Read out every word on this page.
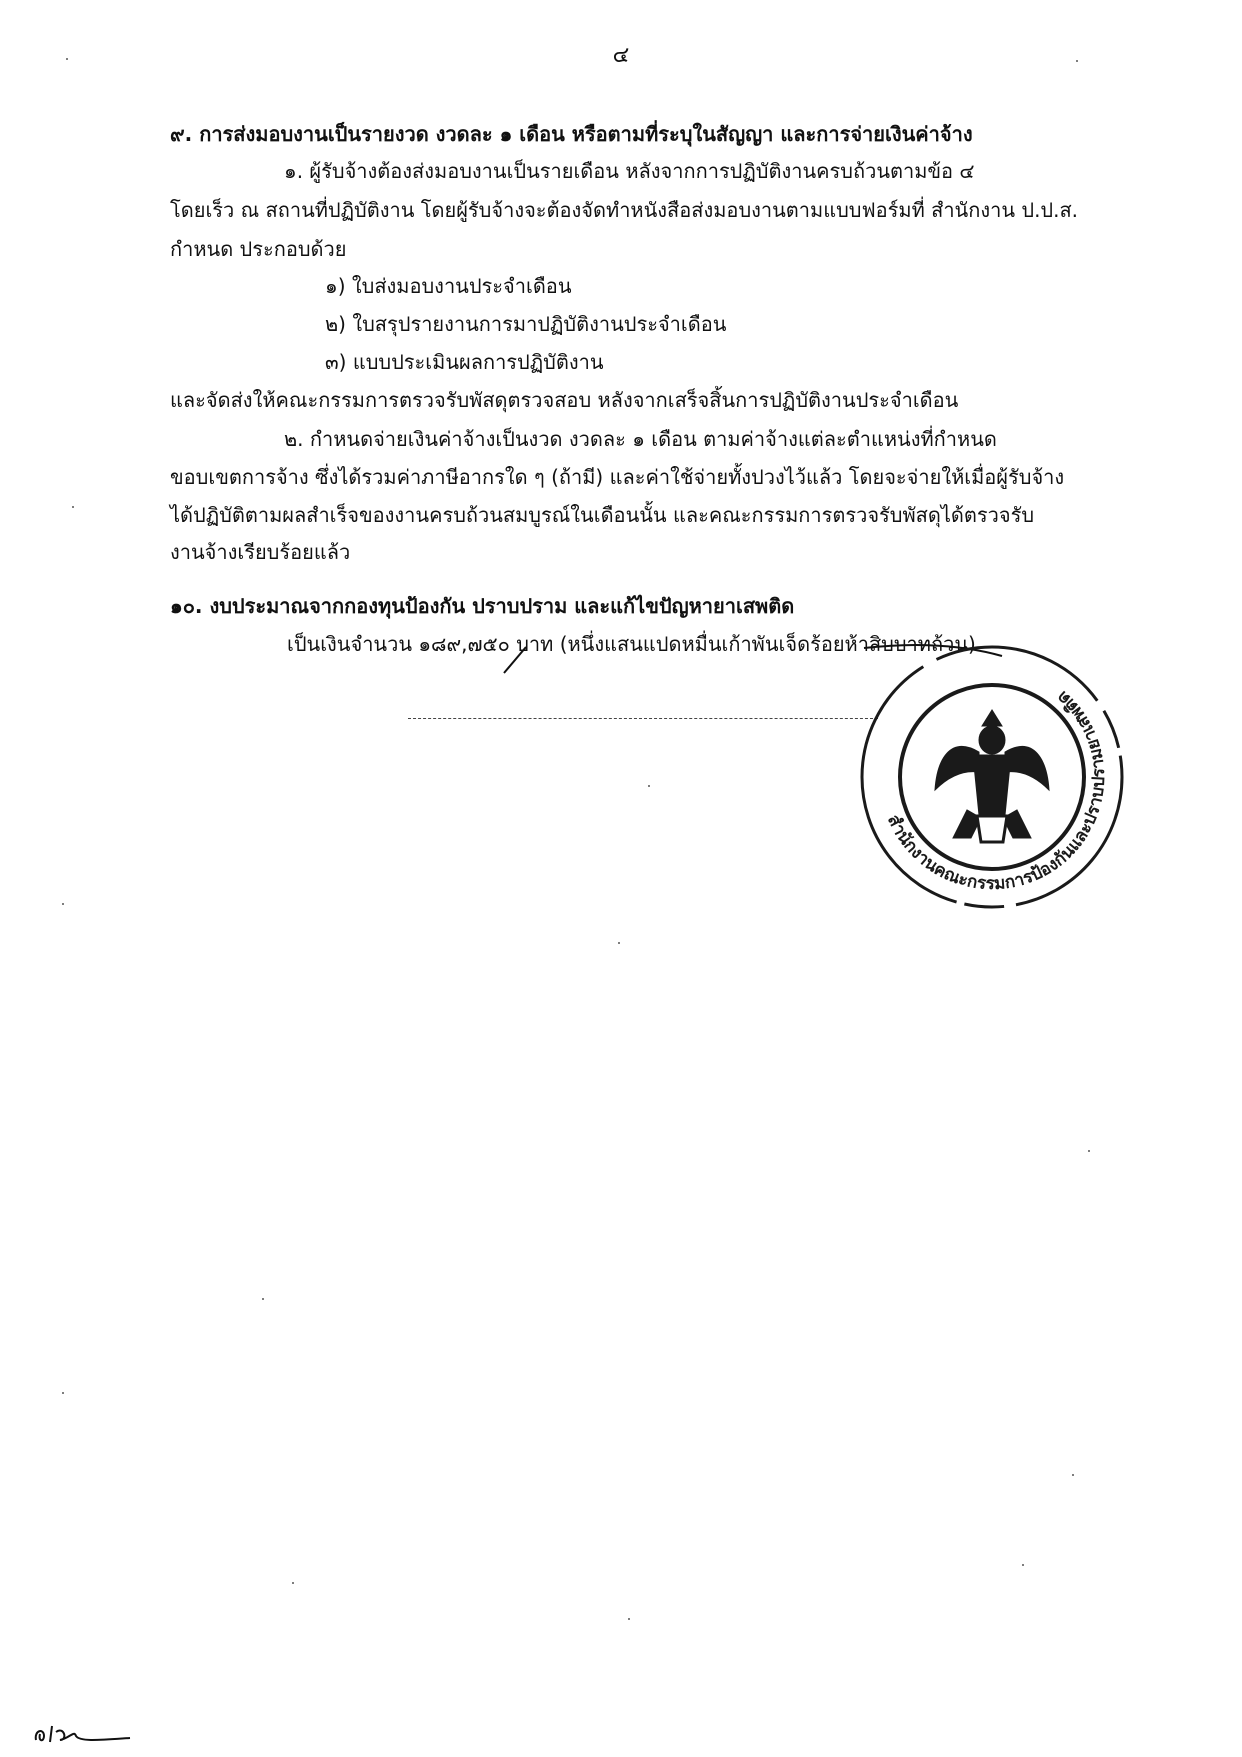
๔
๙. การส่งมอบงานเป็นรายงวด งวดละ ๑ เดือน หรือตามที่ระบุในสัญญา และการจ่ายเงินค่าจ้าง
๑. ผู้รับจ้างต้องส่งมอบงานเป็นรายเดือน หลังจากการปฏิบัติงานครบถ้วนตามข้อ ๔
โดยเร็ว ณ สถานที่ปฏิบัติงาน โดยผู้รับจ้างจะต้องจัดทำหนังสือส่งมอบงานตามแบบฟอร์มที่ สำนักงาน ป.ป.ส.
กำหนด ประกอบด้วย
๑) ใบส่งมอบงานประจำเดือน
๒) ใบสรุปรายงานการมาปฏิบัติงานประจำเดือน
๓) แบบประเมินผลการปฏิบัติงาน
และจัดส่งให้คณะกรรมการตรวจรับพัสดุตรวจสอบ หลังจากเสร็จสิ้นการปฏิบัติงานประจำเดือน
๒. กำหนดจ่ายเงินค่าจ้างเป็นงวด งวดละ ๑ เดือน ตามค่าจ้างแต่ละตำแหน่งที่กำหนด
ขอบเขตการจ้าง ซึ่งได้รวมค่าภาษีอากรใด ๆ (ถ้ามี) และค่าใช้จ่ายทั้งปวงไว้แล้ว โดยจะจ่ายให้เมื่อผู้รับจ้าง
ได้ปฏิบัติตามผลสำเร็จของงานครบถ้วนสมบูรณ์ในเดือนนั้น และคณะกรรมการตรวจรับพัสดุได้ตรวจรับ
งานจ้างเรียบร้อยแล้ว
๑๐. งบประมาณจากกองทุนป้องกัน ปราบปราม และแก้ไขปัญหายาเสพติด
เป็นเงินจำนวน ๑๘๙,๗๕๐ บาท (หนึ่งแสนแปดหมื่นเก้าพันเจ็ดร้อยห้าสิบบาทถ้วน)
สำนักงานคณะกรรมการป้องกันและปราบปรามยาเสพติด
